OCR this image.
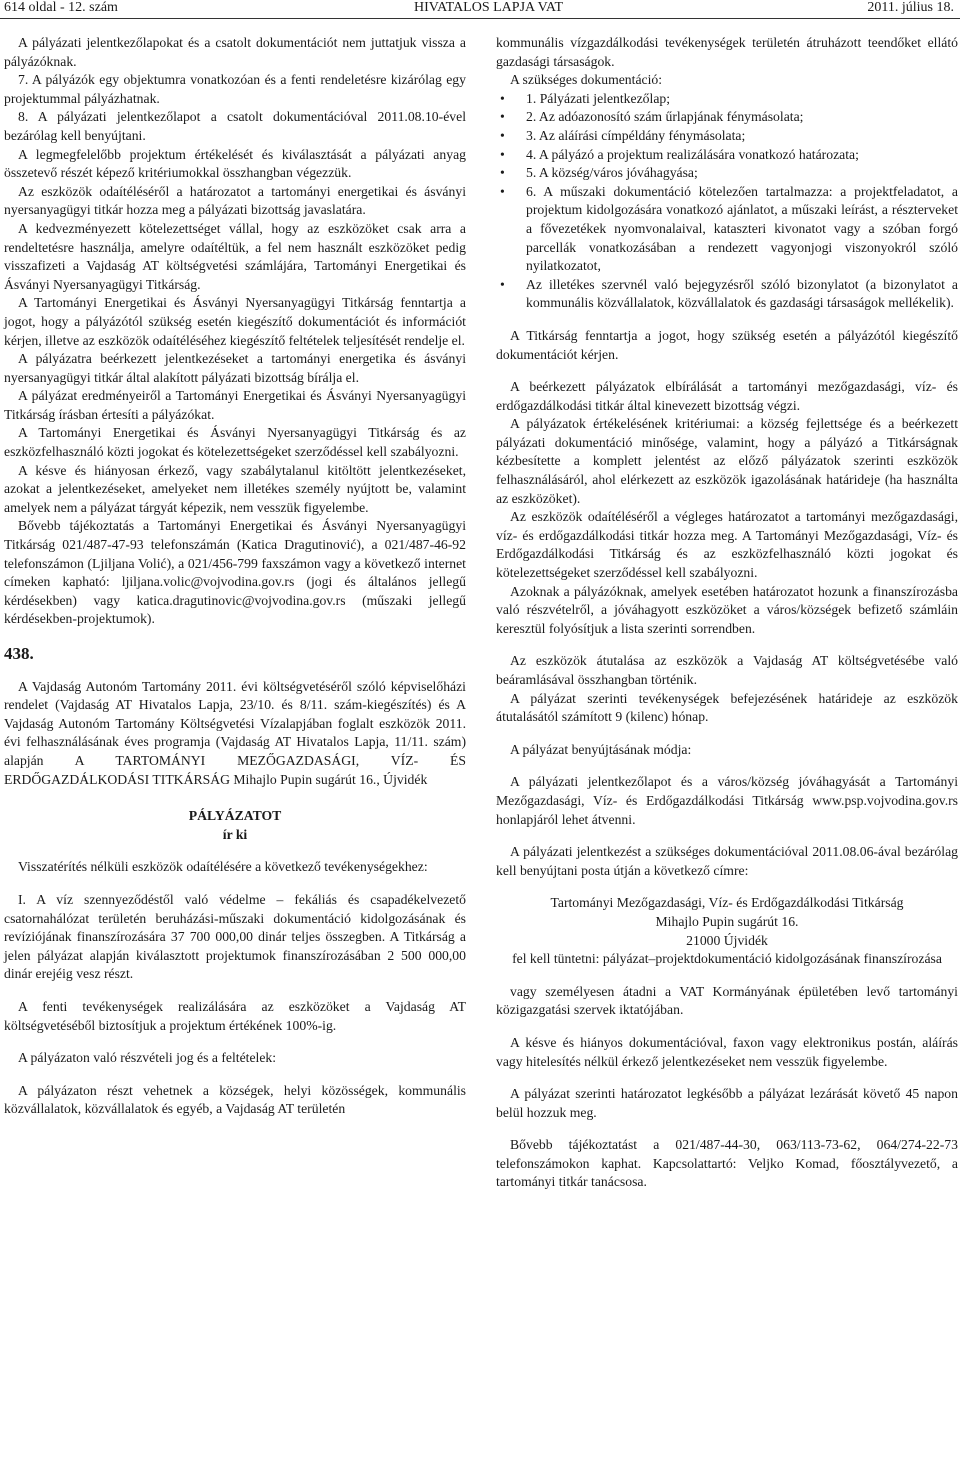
614 oldal - 12. szám	HIVATALOS LAPJA VAT	2011. július 18.

A pályázati jelentkezőlapokat és a csatolt dokumentációt nem juttatjuk vissza a pályázóknak.

7. A pályázók egy objektumra vonatkozóan és a fenti rendeletésre kizárólag egy projektummal pályázhatnak.

8. A pályázati jelentkezőlapot a csatolt dokumentációval 2011.08.10-ével bezárólag kell benyújtani.

A legmegfelelőbb projektum értékelését és kiválasztását a pályázati anyag összetevő részét képező kritériumokkal összhangban végezzük.

Az eszközök odaítéléséről a határozatot a tartományi energetikai és ásványi nyersanyagügyi titkár hozza meg a pályázati bizottság javaslatára.

A kedvezményezett kötelezettséget vállal, hogy az eszközöket csak arra a rendeltetésre használja, amelyre odaítéltük, a fel nem használt eszközöket pedig visszafizeti a Vajdaság AT költségvetési számlájára, Tartományi Energetikai és Ásványi Nyersanyagügyi Titkárság.

A Tartományi Energetikai és Ásványi Nyersanyagügyi Titkárság fenntartja a jogot, hogy a pályázótól szükség esetén kiegészítő dokumentációt és információt kérjen, illetve az eszközök odaítéléséhez kiegészítő feltételek teljesítését rendelje el.

A pályázatra beérkezett jelentkezéseket a tartományi energetika és ásványi nyersanyagügyi titkár által alakított pályázati bizottság bírálja el.

A pályázat eredményeiről a Tartományi Energetikai és Ásványi Nyersanyagügyi Titkárság írásban értesíti a pályázókat.

A Tartományi Energetikai és Ásványi Nyersanyagügyi Titkárság és az eszközfelhasználó közti jogokat és kötelezettségeket szerződéssel kell szabályozni.

A késve és hiányosan érkező, vagy szabálytalanul kitöltött jelentkezéseket, azokat a jelentkezéseket, amelyeket nem illetékes személy nyújtott be, valamint amelyek nem a pályázat tárgyát képezik, nem vesszük figyelembe.

Bővebb tájékoztatás a Tartományi Energetikai és Ásványi Nyersanyagügyi Titkárság 021/487-47-93 telefonszámán (Katica Dragutinović), a 021/487-46-92 telefonszámon (Ljiljana Volić), a 021/456-799 faxszámon vagy a következő internet címeken kapható: ljiljana.volic@vojvodina.gov.rs (jogi és általános jellegű kérdésekben) vagy katica.dragutinovic@vojvodina.gov.rs (műszaki jellegű kérdésekben-projektumok).

438.

A Vajdaság Autonóm Tartomány 2011. évi költségvetéséről szóló képviselőházi rendelet (Vajdaság AT Hivatalos Lapja, 23/10. és 8/11. szám-kiegészítés) és A Vajdaság Autonóm Tartomány Költségvetési Vízalapjában foglalt eszközök 2011. évi felhasználásának éves programja (Vajdaság AT Hivatalos Lapja, 11/11. szám) alapján A TARTOMÁNYI MEZŐGAZDASÁGI, VÍZ- ÉS ERDŐGAZDÁLKODÁSI TITKÁRSÁG Mihajlo Pupin sugárút 16., Újvidék

PÁLYÁZATOT
ír ki

Visszatérítés nélküli eszközök odaítélésére a következő tevékenységekhez:

I. A víz szennyeződéstől való védelme – fekáliás és csapadékelvezető csatornahálózat területén beruházási-műszaki dokumentáció kidolgozásának és revíziójának finanszírozására 37 700 000,00 dinár teljes összegben. A Titkárság a jelen pályázat alapján kiválasztott projektumok finanszírozásában 2 500 000,00 dinár erejéig vesz részt.

A fenti tevékenységek realizálására az eszközöket a Vajdaság AT költségvetéséből biztosítjuk a projektum értékének 100%-ig.

A pályázaton való részvételi jog és a feltételek:

A pályázaton részt vehetnek a községek, helyi közösségek, kommunális közvállalatok, közvállalatok és egyéb, a Vajdaság AT területén

kommunális vízgazdálkodási tevékenységek területén átruházott teendőket ellátó gazdasági társaságok.

A szükséges dokumentáció:

• 1. Pályázati jelentkezőlap;
• 2. Az adóazonosító szám űrlapjának fénymásolata;
• 3. Az aláírási címpéldány fénymásolata;
• 4. A pályázó a projektum realizálására vonatkozó határozata;
• 5. A község/város jóváhagyása;
• 6. A műszaki dokumentáció kötelezően tartalmazza: a projektfeladatot, a projektum kidolgozására vonatkozó ajánlatot, a műszaki leírást, a részterveket a fővezetékek nyomvonalaival, kataszteri kivonatot vagy a szóban forgó parcellák vonatkozásában a rendezett vagyonjogi viszonyokról szóló nyilatkozatot,
• Az illetékes szervnél való bejegyzésről szóló bizonylatot (a bizonylatot a kommunális közvállalatok, közvállalatok és gazdasági társaságok mellékelik).

A Titkárság fenntartja a jogot, hogy szükség esetén a pályázótól kiegészítő dokumentációt kérjen.

A beérkezett pályázatok elbírálását a tartományi mezőgazdasági, víz- és erdőgazdálkodási titkár által kinevezett bizottság végzi.

A pályázatok értékelésének kritériumai: a község fejlettsége és a beérkezett pályázati dokumentáció minősége, valamint, hogy a pályázó a Titkárságnak kézbesítette a komplett jelentést az előző pályázatok szerinti eszközök felhasználásáról, ahol elérkezett az eszközök igazolásának határideje (ha használta az eszközöket).

Az eszközök odaítéléséről a végleges határozatot a tartományi mezőgazdasági, víz- és erdőgazdálkodási titkár hozza meg. A Tartományi Mezőgazdasági, Víz- és Erdőgazdálkodási Titkárság és az eszközfelhasználó közti jogokat és kötelezettségeket szerződéssel kell szabályozni.

Azoknak a pályázóknak, amelyek esetében határozatot hozunk a finanszírozásba való részvételről, a jóváhagyott eszközöket a város/községek befizető számláin keresztül folyósítjuk a lista szerinti sorrendben.

Az eszközök átutalása az eszközök a Vajdaság AT költségvetésébe való beáramlásával összhangban történik.

A pályázat szerinti tevékenységek befejezésének határideje az eszközök átutalásától számított 9 (kilenc) hónap.

A pályázat benyújtásának módja:

A pályázati jelentkezőlapot és a város/község jóváhagyását a Tartományi Mezőgazdasági, Víz- és Erdőgazdálkodási Titkárság www.psp.vojvodina.gov.rs honlapjáról lehet átvenni.

A pályázati jelentkezést a szükséges dokumentációval 2011.08.06-ával bezárólag kell benyújtani posta útján a következő címre:

Tartományi Mezőgazdasági, Víz- és Erdőgazdálkodási Titkárság
Mihajlo Pupin sugárút 16.
21000 Újvidék
fel kell tüntetni: pályázat–projektdokumentáció kidolgozásának finanszírozása

vagy személyesen átadni a VAT Kormányának épületében levő tartományi közigazgatási szervek iktatójában.

A késve és hiányos dokumentációval, faxon vagy elektronikus postán, aláírás vagy hitelesítés nélkül érkező jelentkezéseket nem vesszük figyelembe.

A pályázat szerinti határozatot legkésőbb a pályázat lezárását követő 45 napon belül hozzuk meg.

Bővebb tájékoztatást a 021/487-44-30, 063/113-73-62, 064/274-22-73 telefonszámokon kaphat. Kapcsolattartó: Veljko Komad, főosztályvezető, a tartományi titkár tanácsosa.
